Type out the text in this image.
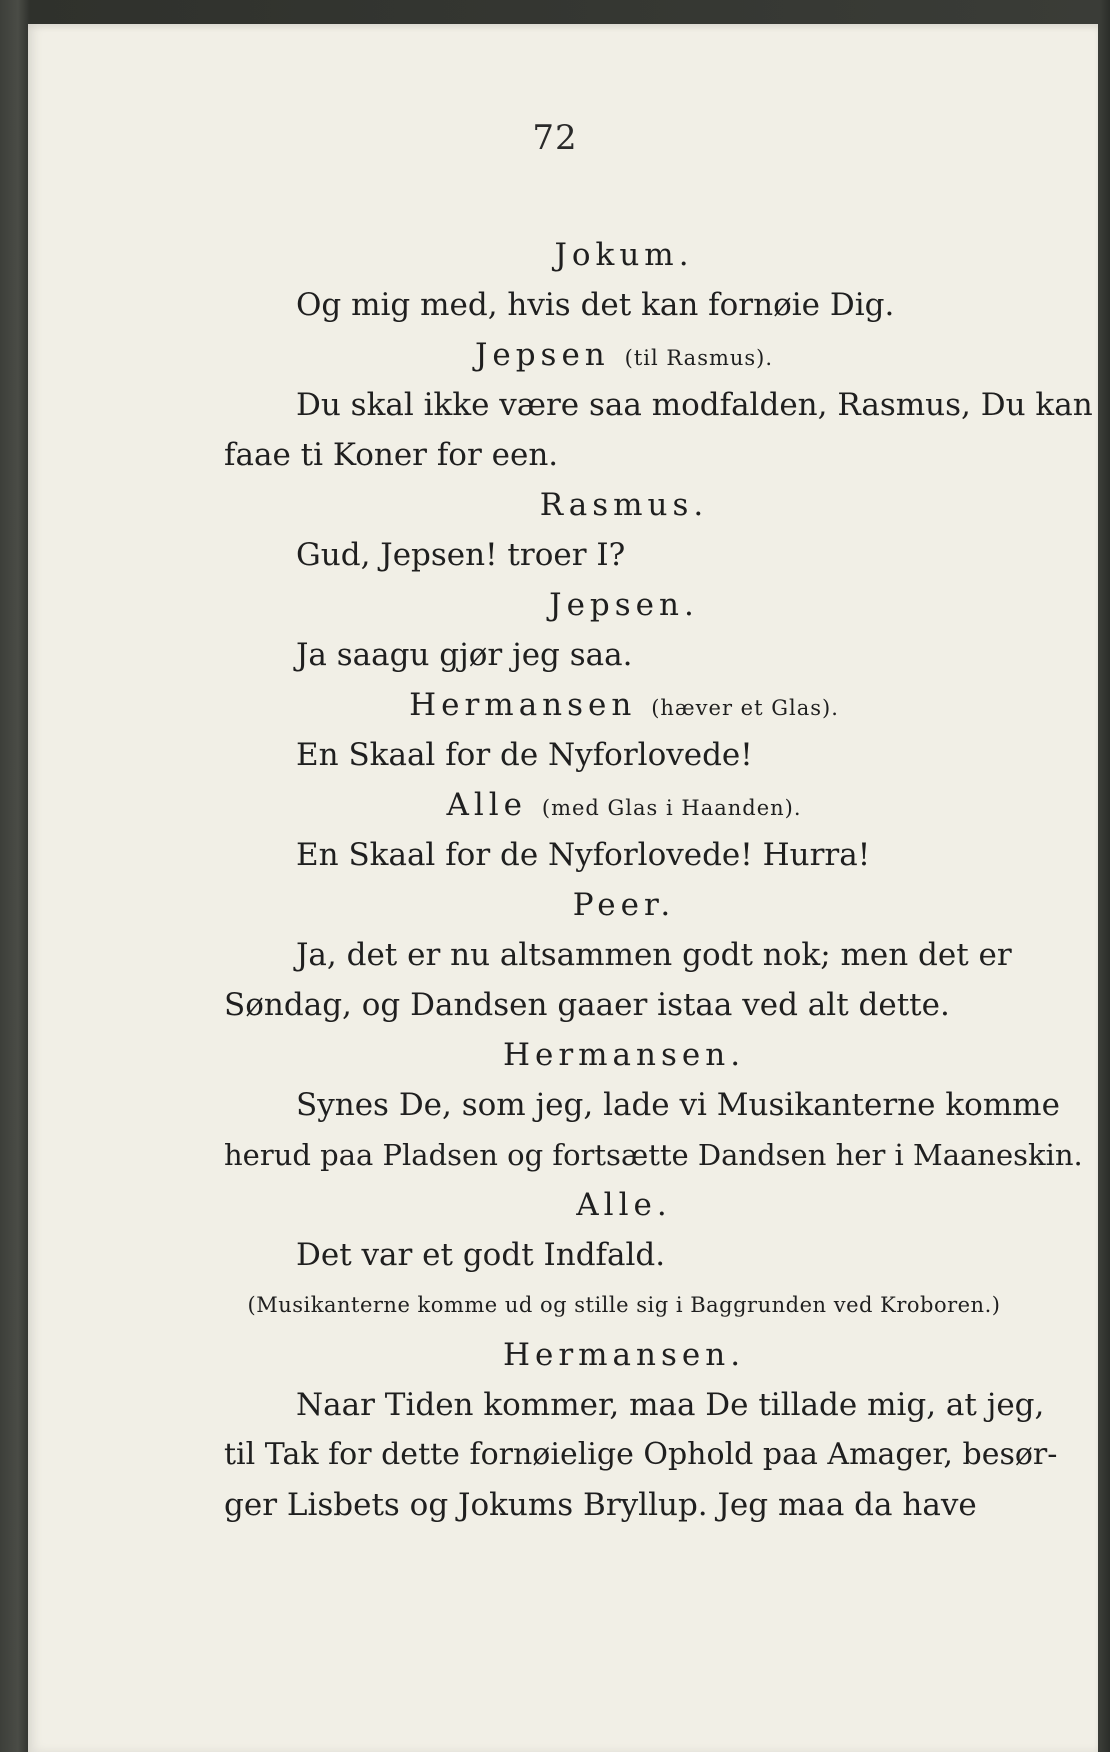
72
Jokum.
Og mig med, hvis det kan fornøie Dig.
Jepsen (til Rasmus).
Du skal ikke være saa modfalden, Rasmus, Du kan
faae ti Koner for een.
Rasmus.
Gud, Jepsen! troer I?
Jepsen.
Ja saagu gjør jeg saa.
Hermansen (hæver et Glas).
En Skaal for de Nyforlovede!
Alle (med Glas i Haanden).
En Skaal for de Nyforlovede! Hurra!
Peer.
Ja, det er nu altsammen godt nok; men det er
Søndag, og Dandsen gaaer istaa ved alt dette.
Hermansen.
Synes De, som jeg, lade vi Musikanterne komme
herud paa Pladsen og fortsætte Dandsen her i Maaneskin.
Alle.
Det var et godt Indfald.
(Musikanterne komme ud og stille sig i Baggrunden ved Kroboren.)
Hermansen.
Naar Tiden kommer, maa De tillade mig, at jeg,
til Tak for dette fornøielige Ophold paa Amager, besør-
ger Lisbets og Jokums Bryllup. Jeg maa da have
